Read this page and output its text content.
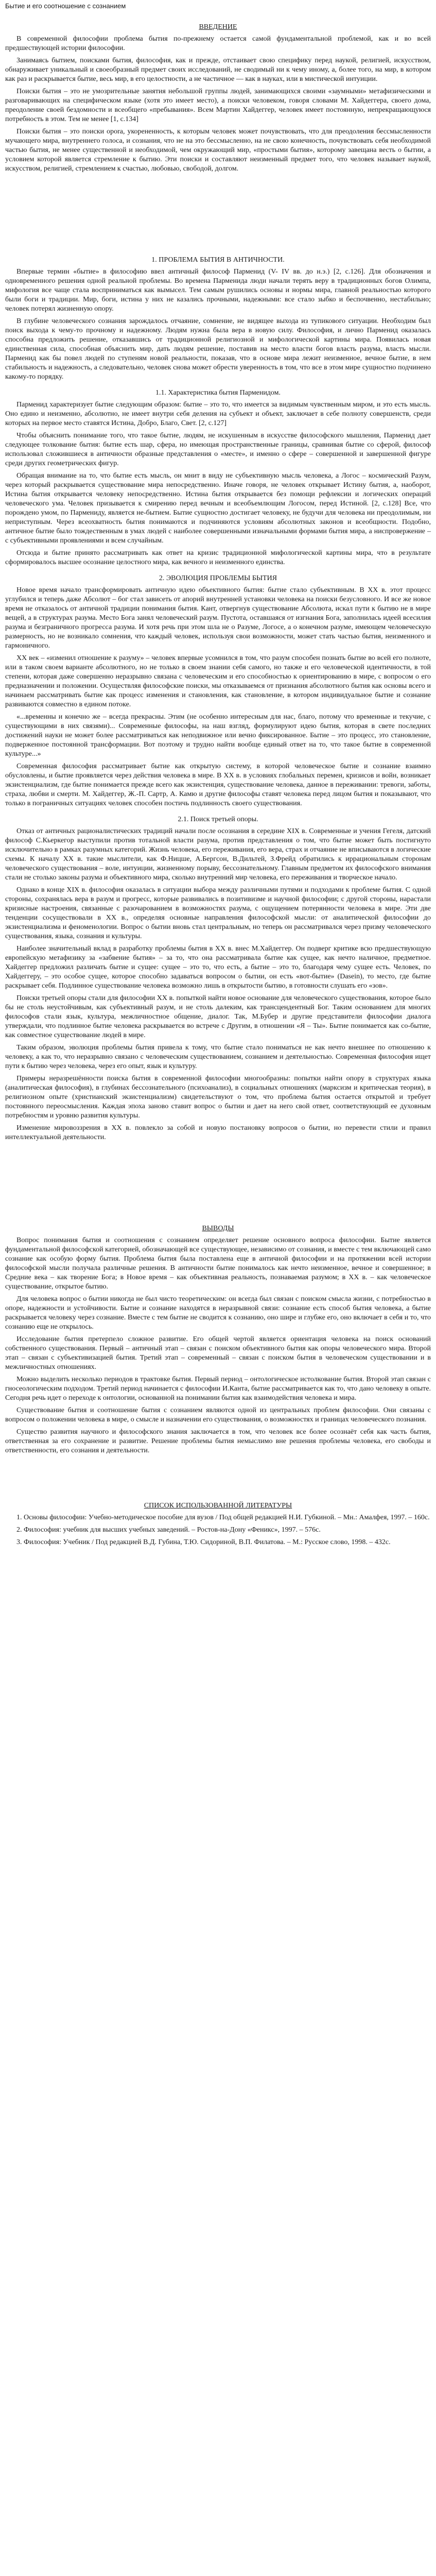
Бытие и его соотношение с сознанием
ВВЕДЕНИЕ

В современной философии проблема бытия по-прежнему остается самой фундаментальной проблемой, как и во всей предшествующей истории философии.

Занимаясь бытием, поисками бытия, философия, как и прежде, отстаивает свою специфику перед наукой, религией, искусством, обнаруживает уникальный и своеобразный предмет своих исследований, не сводимый ни к чему иному, а, более того, на мир, в котором как раз и раскрывается бытие, весь мир, в его целостности, а не частичное — как в науках, или в мистической интуиции.

Поиски бытия – это не умозрительные занятия небольшой группы людей, занимающихся своими «заумными» метафизическими и разговаривающих на специфическом языке (хотя это имеет место), а поиски человеком, говоря словами М. Хайдеггера, своего дома, преодоление своей бездомности и всеобщего «пребывания». Всем Мартин Хайдеггер, человек имеет постоянную, непрекращающуюся потребность в этом. Тем не менее [1, с.134]

Поиски бытия – это поиски opora, укорененность, к которым человек может почувствовать, что для преодоления бессмысленности мучающего мира, внутреннего голоса, и сознания, что не на это бессмысленно, на не свою конечность, почувствовать себя необходимой частью бытия, не менее существенной и необходимой, чем окружающий мир, «простыми бытия», которому завещана весть о бытии, а условием которой является стремление к бытию. Эти поиски и составляют неизменный предмет того, что человек называет наукой, искусством, религией, стремлением к счастью, любовью, свободой, долгом.

1. ПРОБЛЕМА БЫТИЯ В АНТИЧНОСТИ.

Впервые термин «бытие» в философию ввел античный философ Парменид (V- IV вв. до н.э.) [2, с.126]. Для обозначения и одновременного решения одной реальной проблемы. Во времена Парменида люди начали терять веру в традиционных богов Олимпа, мифология все чаще стала восприниматься как вымысел. Тем самым рушились основы и нормы мира, главной реальностью которого были боги и традиции. Мир, боги, истина у них не казались прочными, надежными: все стало зыбко и беспочвенно, нестабильно; человек потерял жизненную опору.

В глубине человеческого сознания зарождалось отчаяние, сомнение, не видящее выхода из тупикового ситуации. Необходим был поиск выхода к чему-то прочному и надежному. Людям нужна была вера в новую силу. Философия, и лично Парменид оказалась способна предложить решение, отказавшись от традиционной религиозной и мифологической картины мира. Появилась новая единственная сила, способная объяснить мир, дать людям решение, поставив на место власти богов власть разума, власть мысли. Парменид как бы повел людей по ступеням новой реальности, показав, что в основе мира лежит неизменное, вечное бытие, в нем стабильность и надежность, а следовательно, человек снова может обрести уверенность в том, что все в этом мире сущностно подчинено какому-то порядку.

1.1. Характеристика бытия Парменидом.

Парменид характеризует бытие следующим образом: бытие – это то, что имеется за видимым чувственным миром, и это есть мысль. Оно едино и неизменно, абсолютно, не имеет внутри себя деления на субъект и объект, заключает в себе полноту совершенств, среди которых на первое место ставятся Истина, Добро, Благо, Свет. [2, с.127]

Чтобы объяснить понимание того, что такое бытие, людям, не искушенным в искусстве философского мышления, Парменид дает следующее толкование бытия: бытие есть шар, сфера, но имеющая пространственные границы, сравнивая бытие со сферой, философ использовал сложившиеся в античности образные представления о «месте», и именно о сфере – совершенной и завершенной фигуре среди других геометрических фигур.

Обращая внимание на то, что бытие есть мысль, он мнит в виду не субъективную мысль человека, а Логос – космический Разум, через который раскрывается существование мира непосредственно. Иначе говоря, не человек открывает Истину бытия, а, наоборот, Истина бытия открывается человеку непосредственно. Истина бытия открывается без помощи рефлексии и логических операций человеческого ума. Человек призывается к смирению перед вечным и всеобъемлющим Логосом, перед Истиной. [2, с.128] Все, что порождено умом, по Пармениду, является не-бытием. Бытие сущностно достигает человеку, не будучи для человека ни преодолимым, ни неприступным. Через всеохватность бытия понимаются и подчиняются условиям абсолютных законов и всеобщности. Подобно, античное бытие было тождественным в умах людей с наиболее совершенными изначальными формами бытия мира, а ниспровержение – с субъективными проявлениями и всем случайным.

Отсюда и бытие принято рассматривать как ответ на кризис традиционной мифологической картины мира, что в результате сформировалось высшее осознание целостного мира, как вечного и неизменного единства.

2. ЭВОЛЮЦИЯ ПРОБЛЕМЫ БЫТИЯ

Новое время начало трансформировать античную идею объективного бытия: бытие стало субъективным. В XX в. этот процесс углубился и теперь даже Абсолют – бог стал зависеть от апорий внутренней установки человека на поиски безусловного. И все же новое время не отказалось от античной традиции понимания бытия. Кант, отвергнув существование Абсолюта, искал пути к бытию не в мире вещей, а в структурах разума. Место Бога занял человеческий разум. Пустота, оставшаяся от изгнания Бога, заполнилась идеей всесилия разума и безграничного прогресса разума. И хотя речь при этом шла не о Разуме, Логосе, а о конечном разуме, имеющем человеческую размерность, но не возникало сомнения, что каждый человек, используя свои возможности, может стать частью бытия, неизменного и гармоничного.

XX век – «изменил отношение к разуму» – человек впервые усомнился в том, что разум способен познать бытие во всей его полноте, или в таком своем варианте абсолютного, но не только в своем знании себя самого, но также и его человеческой идентичности, в той степени, которая даже совершенно неразрывно связана с человеческим и его способностью к ориентированию в мире, с вопросом о его предназначении и положении. Осуществляя философские поиски, мы отказываемся от признания абсолютного бытия как основы всего и начинаем рассматривать бытие как процесс изменения и становления, как становление, в котором индивидуальное бытие и сознание развиваются совместно в едином потоке.

«...временны и конечно же – всегда прекрасны. Этим (не особенно интересным для нас, благо, потому что временные и текучие, с существующими в них связями)... Современные философы, на наш взгляд, формулируют идею бытия, которая в свете последних достижений науки не может более рассматриваться как неподвижное или вечно фиксированное. Бытие – это процесс, это становление, подверженное постоянной трансформации. Вот поэтому и трудно найти вообще единый ответ на то, что такое бытие в современной культуре...»

Современная философия рассматривает бытие как открытую систему, в которой человеческое бытие и сознание взаимно обусловлены, и бытие проявляется через действия человека в мире. В XX в. в условиях глобальных перемен, кризисов и войн, возникает экзистенциализм, где бытие понимается прежде всего как экзистенция, существование человека, данное в переживании: тревоги, заботы, страха, любви и смерти. М. Хайдеггер, Ж.-П. Сартр, А. Камю и другие философы ставят человека перед лицом бытия и показывают, что только в пограничных ситуациях человек способен постичь подлинность своего существования.

2.1. Поиск третьей опоры.

Отказ от античных рационалистических традиций начали после осознания в середине XIX в. Современные и учения Гегеля, датский философ С.Кьеркегор выступили против тотальной власти разума, против представления о том, что бытие может быть постигнуто исключительно в рамках разумных категорий. Жизнь человека, его переживания, его вера, страх и отчаяние не вписываются в логические схемы. К началу XX в. такие мыслители, как Ф.Ницше, А.Бергсон, В.Дильтей, З.Фрейд обратились к иррациональным сторонам человеческого существования – воле, интуиции, жизненному порыву, бессознательному. Главным предметом их философского внимания стали не столько законы разума и объективного мира, сколько внутренний мир человека, его переживания и творческое начало.

Однако в конце XIX в. философия оказалась в ситуации выбора между различными путями и подходами к проблеме бытия. С одной стороны, сохранялась вера в разум и прогресс, которые развивались в позитивизме и научной философии; с другой стороны, нарастали кризисные настроения, связанные с разочарованием в возможностях разума, с ощущением потерянности человека в мире. Эти две тенденции сосуществовали в XX в., определяя основные направления философской мысли: от аналитической философии до экзистенциализма и феноменологии. Вопрос о бытии вновь стал центральным, но теперь он рассматривался через призму человеческого существования, языка, сознания и культуры.

Наиболее значительный вклад в разработку проблемы бытия в XX в. внес М.Хайдеггер. Он подверг критике всю предшествующую европейскую метафизику за «забвение бытия» – за то, что она рассматривала бытие как сущее, как нечто наличное, предметное. Хайдеггер предложил различать бытие и сущее: сущее – это то, что есть, а бытие – это то, благодаря чему сущее есть. Человек, по Хайдеггеру, – это особое сущее, которое способно задаваться вопросом о бытии, он есть «вот-бытие» (Dasein), то место, где бытие раскрывает себя. Подлинное существование человека возможно лишь в открытости бытию, в готовности слушать его «зов».

Поиски третьей опоры стали для философии XX в. попыткой найти новое основание для человеческого существования, которое было бы не столь неустойчивым, как субъективный разум, и не столь далеким, как трансцендентный Бог. Таким основанием для многих философов стали язык, культура, межличностное общение, диалог. Так, М.Бубер и другие представители философии диалога утверждали, что подлинное бытие человека раскрывается во встрече с Другим, в отношении «Я – Ты». Бытие понимается как со-бытие, как совместное существование людей в мире.

Таким образом, эволюция проблемы бытия привела к тому, что бытие стало пониматься не как нечто внешнее по отношению к человеку, а как то, что неразрывно связано с человеческим существованием, сознанием и деятельностью. Современная философия ищет пути к бытию через человека, через его опыт, язык и культуру.

Примеры неразрешённости поиска бытия в современной философии многообразны: попытки найти опору в структурах языка (аналитическая философия), в глубинах бессознательного (психоанализ), в социальных отношениях (марксизм и критическая теория), в религиозном опыте (христианский экзистенциализм) свидетельствуют о том, что проблема бытия остается открытой и требует постоянного переосмысления. Каждая эпоха заново ставит вопрос о бытии и дает на него свой ответ, соответствующий ее духовным потребностям и уровню развития культуры.

Изменение мировоззрения в XX в. повлекло за собой и новую постановку вопросов о бытии, но перевести стили и правил интеллектуальной деятельности.

ВЫВОДЫ

Вопрос понимания бытия и соотношения с сознанием определяет решение основного вопроса философии. Бытие является фундаментальной философской категорией, обозначающей все существующее, независимо от сознания, и вместе с тем включающей само сознание как особую форму бытия. Проблема бытия была поставлена еще в античной философии и на протяжении всей истории философской мысли получала различные решения. В античности бытие понималось как нечто неизменное, вечное и совершенное; в Средние века – как творение Бога; в Новое время – как объективная реальность, познаваемая разумом; в XX в. – как человеческое существование, открытое бытию.

Для человека вопрос о бытии никогда не был чисто теоретическим: он всегда был связан с поиском смысла жизни, с потребностью в опоре, надежности и устойчивости. Бытие и сознание находятся в неразрывной связи: сознание есть способ бытия человека, а бытие раскрывается человеку через сознание. Вместе с тем бытие не сводится к сознанию, оно шире и глубже его, оно включает в себя и то, что сознанию еще не открылось.

Исследование бытия претерпело сложное развитие. Его общей чертой является ориентация человека на поиск оснований собственного существования. Первый – античный этап – связан с поиском объективного бытия как опоры человеческого мира. Второй этап – связан с субъективизацией бытия. Третий этап – современный – связан с поиском бытия в человеческом существовании и в межличностных отношениях.

Можно выделить несколько периодов в трактовке бытия. Первый период – онтологическое истолкование бытия. Второй этап связан с гносеологическим подходом. Третий период начинается с философии И.Канта, бытие рассматривается как то, что дано человеку в опыте. Сегодня речь идет о переходе к онтологии, основанной на понимании бытия как взаимодействия человека и мира.

Существование бытия и соотношение бытия с сознанием являются одной из центральных проблем философии. Они связаны с вопросом о положении человека в мире, о смысле и назначении его существования, о возможностях и границах человеческого познания.

Существо развития научного и философского знания заключается в том, что человек все более осознаёт себя как часть бытия, ответственная за его сохранение и развитие. Решение проблемы бытия немыслимо вне решения проблемы человека, его свободы и ответственности, его сознания и деятельности.

СПИСОК ИСПОЛЬЗОВАННОЙ ЛИТЕРАТУРЫ

1. Основы философии: Учебно-методическое пособие для вузов / Под общей редакцией Н.И. Губкиной. – Мн.: Амалфея, 1997. – 160с.

2. Философия: учебник для высших учебных заведений. – Ростов-на-Дону «Феникс», 1997. – 576с.

3. Философия: Учебник / Под редакцией В.Д. Губина, Т.Ю. Сидориной, В.П. Филатова. – М.: Русское слово, 1998. – 432с.
